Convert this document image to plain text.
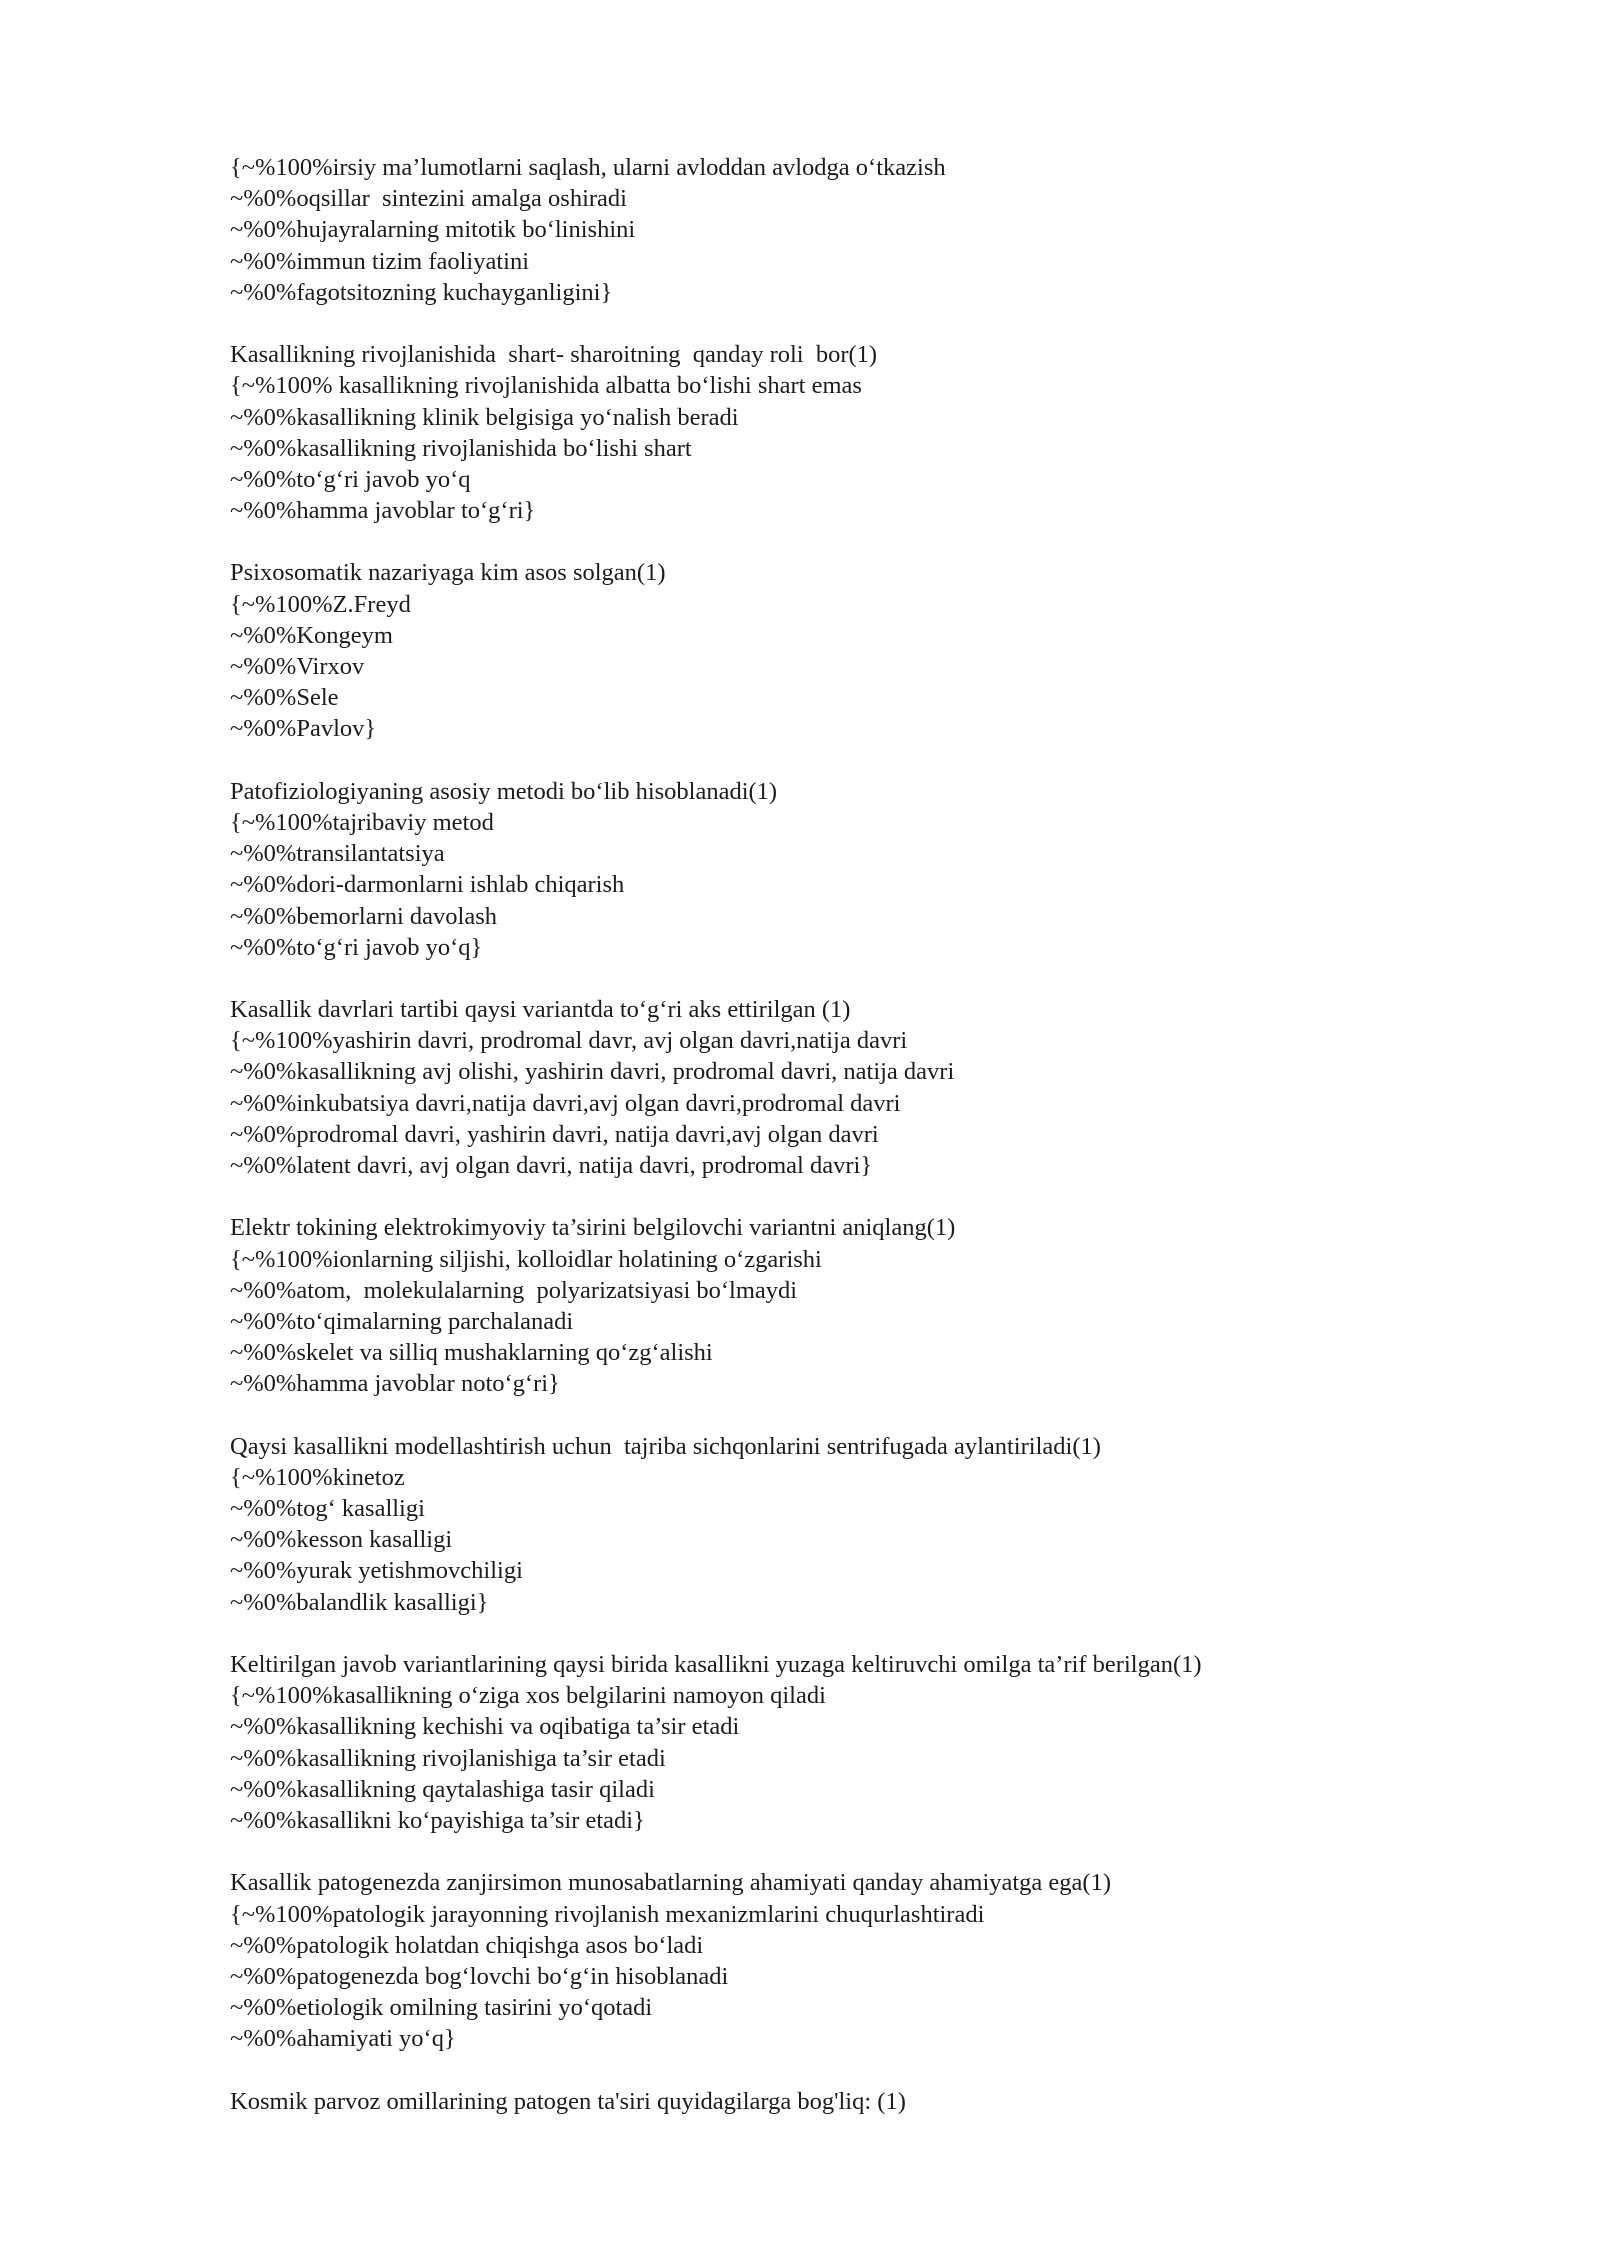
{~%100%irsiy ma’lumotlarni saqlash, ularni avloddan avlodga o‘tkazish
~%0%oqsillar  sintezini amalga oshiradi
~%0%hujayralarning mitotik bo‘linishini
~%0%immun tizim faoliyatini
~%0%fagotsitozning kuchayganligini}
Kasallikning rivojlanishida  shart- sharoitning  qanday roli  bor(1)
{~%100% kasallikning rivojlanishida albatta bo‘lishi shart emas
~%0%kasallikning klinik belgisiga yo‘nalish beradi
~%0%kasallikning rivojlanishida bo‘lishi shart
~%0%to‘g‘ri javob yo‘q
~%0%hamma javoblar to‘g‘ri}
Psixosomatik nazariyaga kim asos solgan(1)
{~%100%Z.Freyd
~%0%Kongeym
~%0%Virxov
~%0%Sele
~%0%Pavlov}
Patofiziologiyaning asosiy metodi bo‘lib hisoblanadi(1)
{~%100%tajribaviy metod
~%0%transilantatsiya
~%0%dori-darmonlarni ishlab chiqarish
~%0%bemorlarni davolash
~%0%to‘g‘ri javob yo‘q}
Kasallik davrlari tartibi qaysi variantda to‘g‘ri aks ettirilgan (1)
{~%100%yashirin davri, prodromal davr, avj olgan davri,natija davri
~%0%kasallikning avj olishi, yashirin davri, prodromal davri, natija davri
~%0%inkubatsiya davri,natija davri,avj olgan davri,prodromal davri
~%0%prodromal davri, yashirin davri, natija davri,avj olgan davri
~%0%latent davri, avj olgan davri, natija davri, prodromal davri}
Elektr tokining elektrokimyoviy ta’sirini belgilovchi variantni aniqlang(1)
{~%100%ionlarning siljishi, kolloidlar holatining o‘zgarishi
~%0%atom,  molekulalarning  polyarizatsiyasi bo‘lmaydi
~%0%to‘qimalarning parchalanadi
~%0%skelet va silliq mushaklarning qo‘zg‘alishi
~%0%hamma javoblar noto‘g‘ri}
Qaysi kasallikni modellashtirish uchun  tajriba sichqonlarini sentrifugada aylantiriladi(1)
{~%100%kinetoz
~%0%tog‘ kasalligi
~%0%kesson kasalligi
~%0%yurak yetishmovchiligi
~%0%balandlik kasalligi}
Keltirilgan javob variantlarining qaysi birida kasallikni yuzaga keltiruvchi omilga ta’rif berilgan(1)
{~%100%kasallikning o‘ziga xos belgilarini namoyon qiladi
~%0%kasallikning kechishi va oqibatiga ta’sir etadi
~%0%kasallikning rivojlanishiga ta’sir etadi
~%0%kasallikning qaytalashiga tasir qiladi
~%0%kasallikni ko‘payishiga ta’sir etadi}
Kasallik patogenezda zanjirsimon munosabatlarning ahamiyati qanday ahamiyatga ega(1)
{~%100%patologik jarayonning rivojlanish mexanizmlarini chuqurlashtiradi
~%0%patologik holatdan chiqishga asos bo‘ladi
~%0%patogenezda bog‘lovchi bo‘g‘in hisoblanadi
~%0%etiologik omilning tasirini yo‘qotadi
~%0%ahamiyati yo‘q}
Kosmik parvoz omillarining patogen ta'siri quyidagilarga bog'liq: (1)
